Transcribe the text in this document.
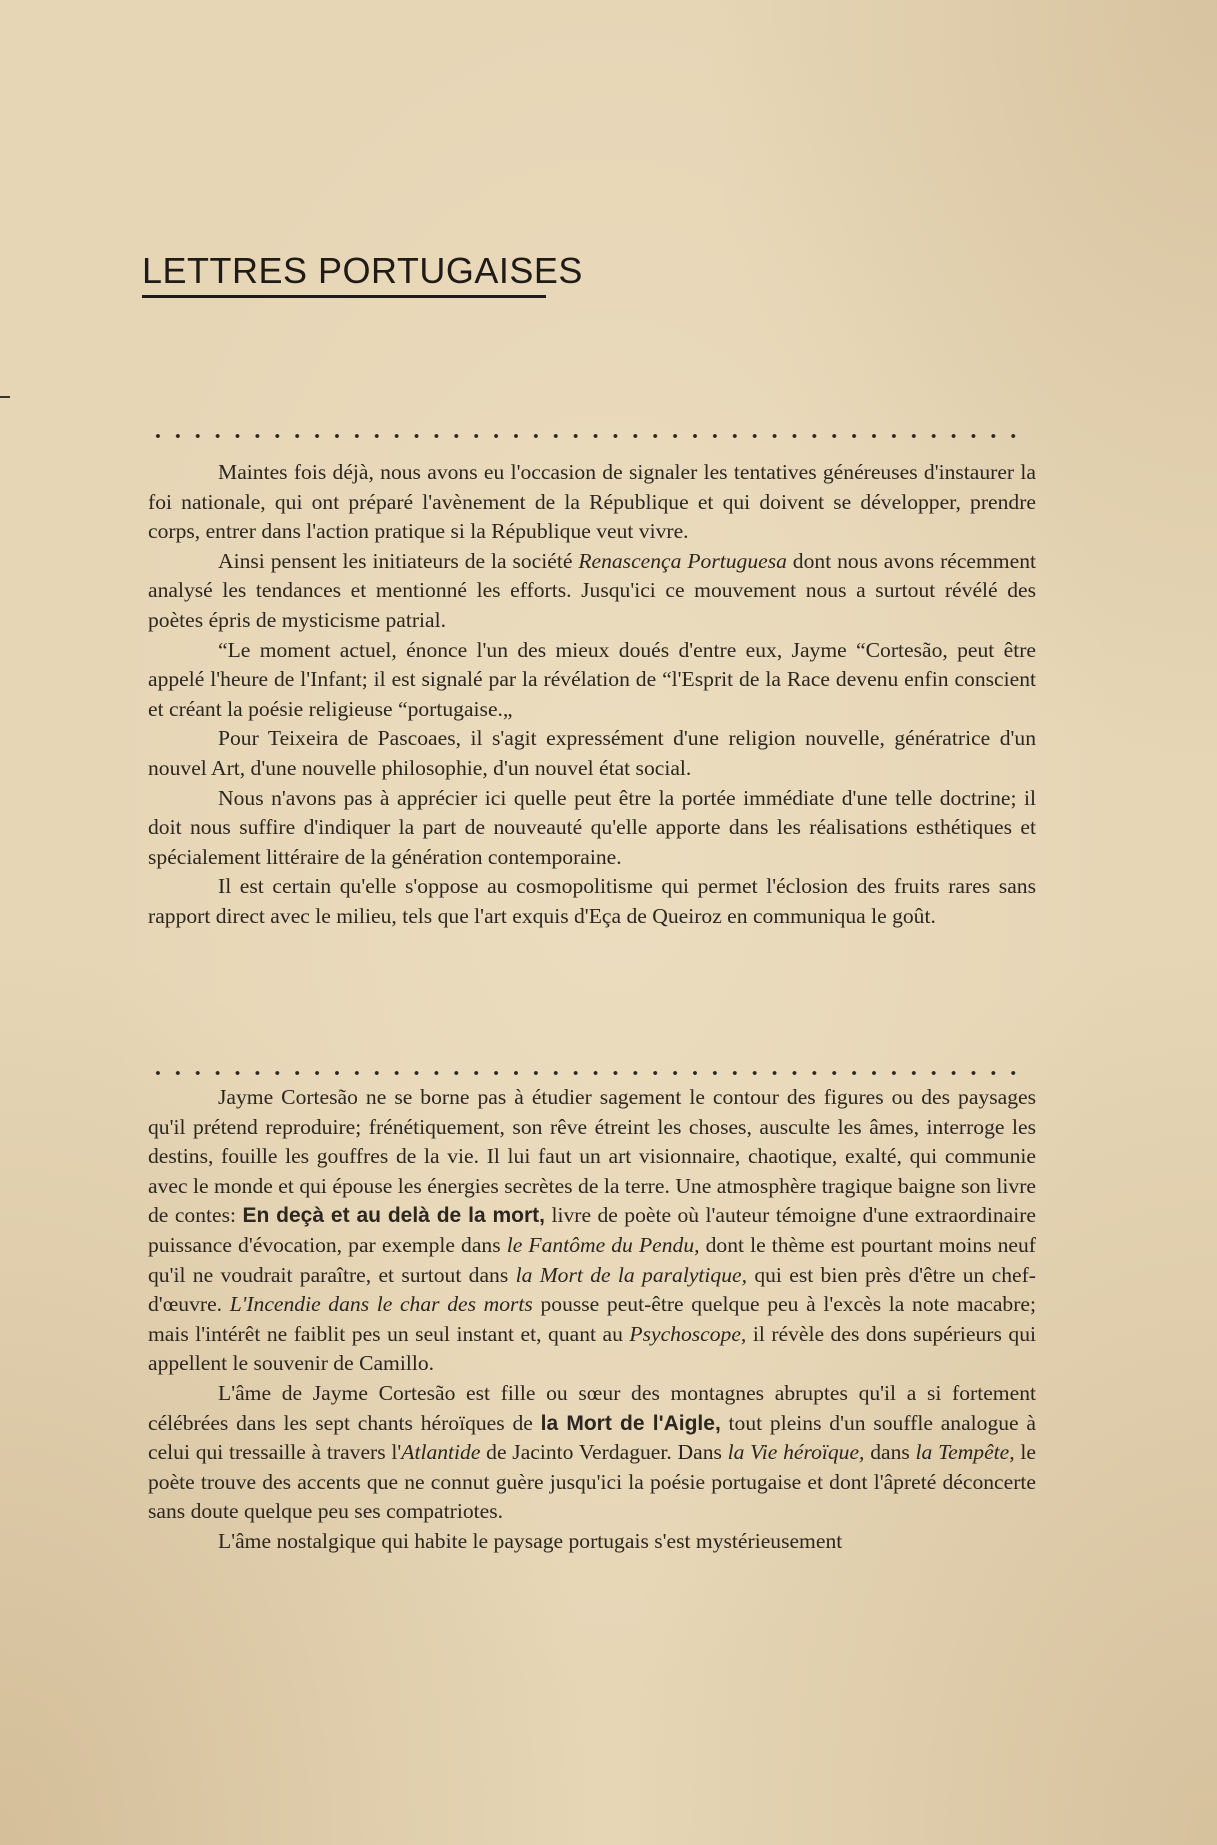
LETTRES PORTUGAISES

Maintes fois déjà, nous avons eu l'occasion de signaler les tentatives généreuses d'instaurer la foi nationale, qui ont préparé l'avènement de la République et qui doivent se développer, prendre corps, entrer dans l'action pratique si la République veut vivre.

Ainsi pensent les initiateurs de la société Renascença Portuguesa dont nous avons récemment analysé les tendances et mentionné les efforts. Jusqu'ici ce mouvement nous a surtout révélé des poètes épris de mysticisme patrial.

“Le moment actuel, énonce l'un des mieux doués d'entre eux, Jayme “Cortesão, peut être appelé l'heure de l'Infant; il est signalé par la révélation de “l'Esprit de la Race devenu enfin conscient et créant la poésie religieuse “portugaise.„

Pour Teixeira de Pascoaes, il s'agit expressément d'une religion nouvelle, génératrice d'un nouvel Art, d'une nouvelle philosophie, d'un nouvel état social.

Nous n'avons pas à apprécier ici quelle peut être la portée immédiate d'une telle doctrine; il doit nous suffire d'indiquer la part de nouveauté qu'elle apporte dans les réalisations esthétiques et spécialement littéraire de la génération contemporaine.

Il est certain qu'elle s'oppose au cosmopolitisme qui permet l'éclosion des fruits rares sans rapport direct avec le milieu, tels que l'art exquis d'Eça de Queiroz en communiqua le goût.

Jayme Cortesão ne se borne pas à étudier sagement le contour des figures ou des paysages qu'il prétend reproduire; frénétiquement, son rêve étreint les choses, ausculte les âmes, interroge les destins, fouille les gouffres de la vie. Il lui faut un art visionnaire, chaotique, exalté, qui communie avec le monde et qui épouse les énergies secrètes de la terre. Une atmosphère tragique baigne son livre de contes: En deçà et au delà de la mort, livre de poète où l'auteur témoigne d'une extraordinaire puissance d'évocation, par exemple dans le Fantôme du Pendu, dont le thème est pourtant moins neuf qu'il ne voudrait paraître, et surtout dans la Mort de la paralytique, qui est bien près d'être un chef-d'œuvre. L'Incendie dans le char des morts pousse peut-être quelque peu à l'excès la note macabre; mais l'intérêt ne faiblit pes un seul instant et, quant au Psychoscope, il révèle des dons supérieurs qui appellent le souvenir de Camillo.

L'âme de Jayme Cortesão est fille ou sœur des montagnes abruptes qu'il a si fortement célébrées dans les sept chants héroïques de la Mort de l'Aigle, tout pleins d'un souffle analogue à celui qui tressaille à travers l'Atlantide de Jacinto Verdaguer. Dans la Vie héroïque, dans la Tempête, le poète trouve des accents que ne connut guère jusqu'ici la poésie portugaise et dont l'âpreté déconcerte sans doute quelque peu ses compatriotes.

L'âme nostalgique qui habite le paysage portugais s'est mystérieusement
